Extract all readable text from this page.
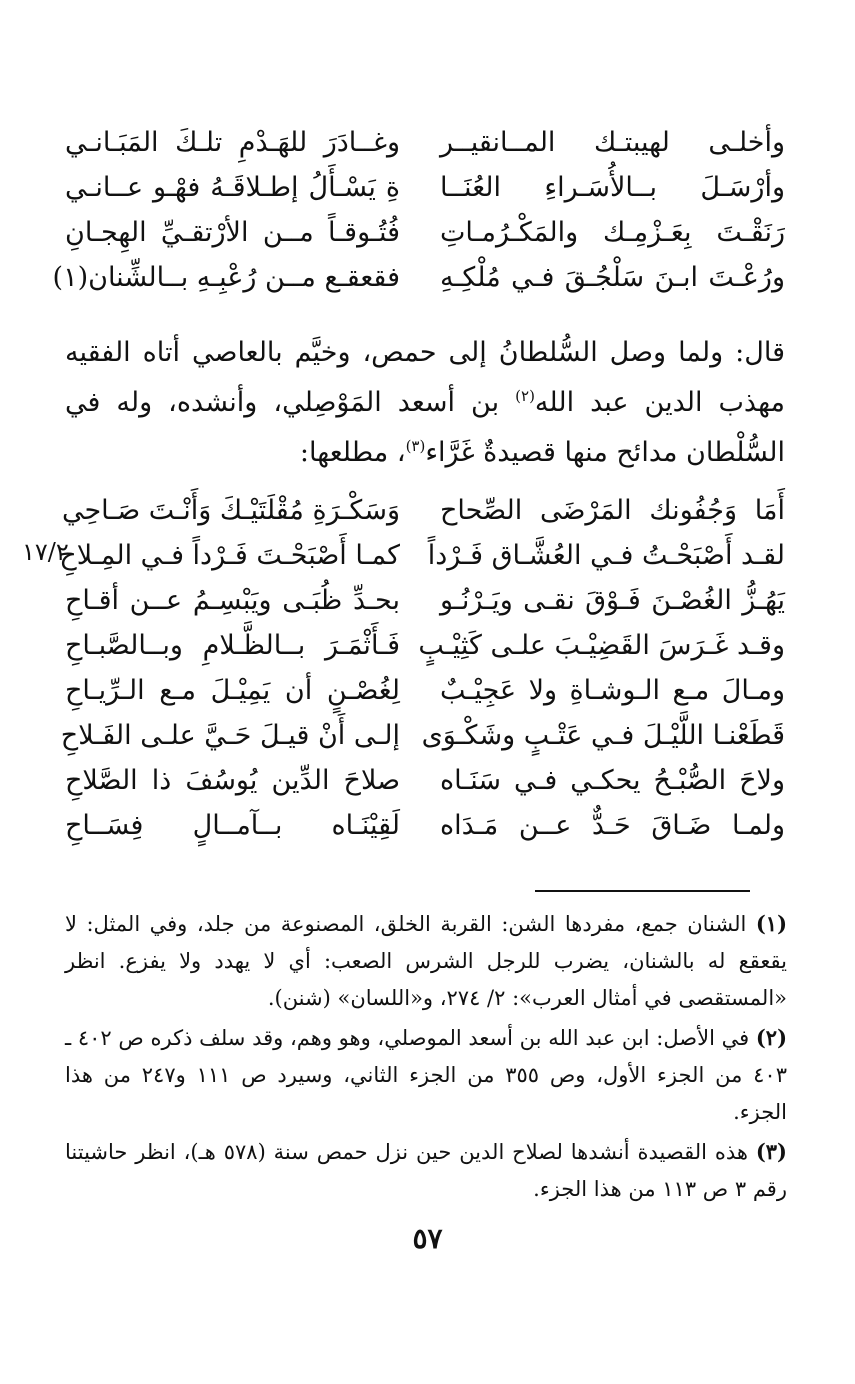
وأخلـى لهيبتـك المــانقيــر
وغــادَرَ للهَـدْمِ تلـكَ المَبَـانـي
وأرْسَـلَ بــالأُسَـراءِ العُنَــا
ةِ يَسْـأَلُ إطـلاقَـهُ فهْـو عــانـي
رَنَقْـتَ بِعَـزْمِـك والمَكْـرُمـاتِ
فُتُـوقـاً مــن الأرْتقـيِّ الهِجـانِ
ورُعْـتَ ابـنَ سَلْجُـقَ فـي مُلْكِـهِ
فقعقـع مــن رُعْبِـهِ بــالشِّنان(١)
قال: ولما وصل السُّلطانُ إلى حمص، وخيَّم بالعاصي أتاه الفقيه مهذب الدين عبد الله$^{(٢)}$ بن أسعد المَوْصِلي، وأنشده، وله في السُّلْطان مدائح منها قصيدةٌ غَرَّاء$^{(٣)}$، مطلعها:
أَمَا وَجُفُونك المَرْضَى الصِّحاح
وَسَكْـرَةِ مُقْلَتَيْـكَ وَأَنْـتَ صَـاحِي
لقـد أَصْبَحْـتُ فـي العُشَّـاق فَـرْداً
كمـا أَصْبَحْـتَ فَـرْداً فـي المِـلاحِ
يَهُـزُّ الغُصْـنَ فَـوْقَ نقـى ويَـرْنُـو
بحـدِّ ظُبَـى ويَبْسِـمُ عــن أقـاحِ
وقـد غَـرَسَ القَضِيْـبَ علـى كَثِيْـبٍ
فَـأَثْمَـرَ بــالظَّـلامِ وبــالصَّبـاحِ
ومـالَ مـع الـوشـاةِ ولا عَجِيْـبٌ
لِغُصْـنٍ أن يَمِيْـلَ مـع الـرِّيـاحِ
قَطَعْنـا اللَّيْـلَ فـي عَتْـبٍ وشَكْـوَى
إلـى أَنْ قيـلَ حَـيَّ علـى الفَـلاحِ
ولاحَ الصُّبْـحُ يحكـي فـي سَنَـاه
صلاحَ الدِّين يُوسُفَ ذا الصَّلاحِ
ولمـا ضَـاقَ حَـدٌّ عــن مَـدَاه
لَقِيْنَـاه بــآمــالٍ فِسَــاحِ
١٧/٢
(١) الشنان جمع، مفردها الشن: القربة الخلق، المصنوعة من جلد، وفي المثل: لا يقعقع له بالشنان، يضرب للرجل الشرس الصعب: أي لا يهدد ولا يفزع. انظر «المستقصى في أمثال العرب»: ٢/ ٢٧٤، و«اللسان» (شنن).
(٢) في الأصل: ابن عبد الله بن أسعد الموصلي، وهو وهم، وقد سلف ذكره ص ٤٠٢ ـ ٤٠٣ من الجزء الأول، وص ٣٥٥ من الجزء الثاني، وسيرد ص ١١١ و٢٤٧ من هذا الجزء.
(٣) هذه القصيدة أنشدها لصلاح الدين حين نزل حمص سنة (٥٧٨ هـ)، انظر حاشيتنا رقم ٣ ص ١١٣ من هذا الجزء.
٥٧
